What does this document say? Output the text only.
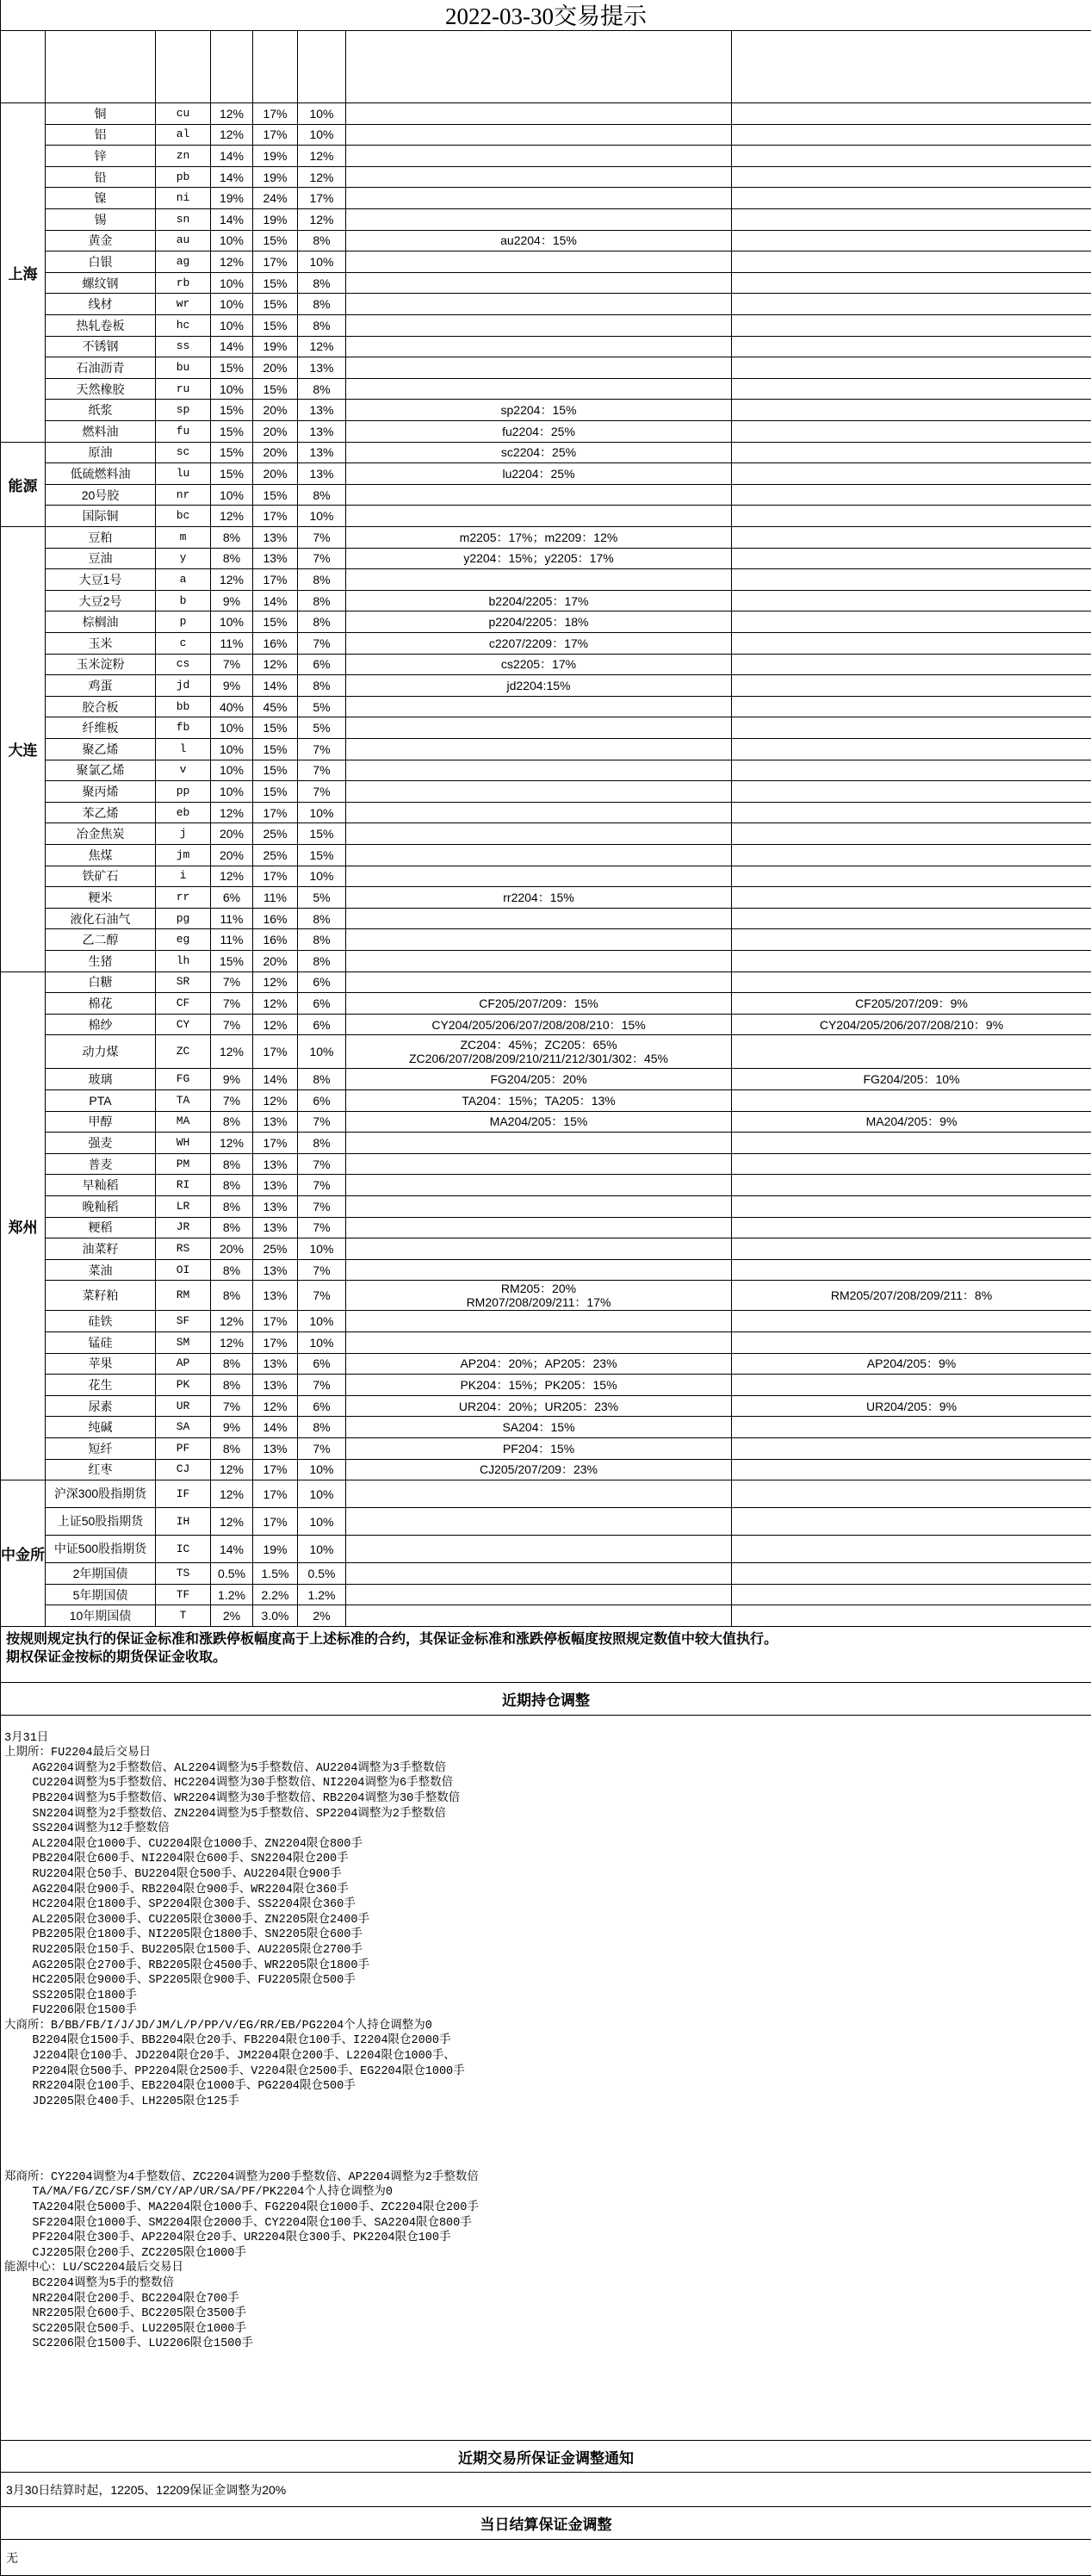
2022-03-30交易提示
铜	cu	12%	17%	10%
铝	al	12%	17%	10%
锌	zn	14%	19%	12%
铅	pb	14%	19%	12%
镍	ni	19%	24%	17%
锡	sn	14%	19%	12%
黄金	au	10%	15%	8%	au2204：15%
白银	ag	12%	17%	10%
螺纹钢	rb	10%	15%	8%
线材	wr	10%	15%	8%
热轧卷板	hc	10%	15%	8%
不锈钢	ss	14%	19%	12%
石油沥青	bu	15%	20%	13%
天然橡胶	ru	10%	15%	8%
纸浆	sp	15%	20%	13%	sp2204：15%
燃料油	fu	15%	20%	13%	fu2204：25%
上海
原油	sc	15%	20%	13%	sc2204：25%
低硫燃料油	lu	15%	20%	13%	lu2204：25%
20号胶	nr	10%	15%	8%
国际铜	bc	12%	17%	10%
能源
豆粕	m	8%	13%	7%	m2205：17%；m2209：12%
豆油	y	8%	13%	7%	y2204：15%；y2205：17%
大豆1号	a	12%	17%	8%
大豆2号	b	9%	14%	8%	b2204/2205：17%
棕榈油	p	10%	15%	8%	p2204/2205：18%
玉米	c	11%	16%	7%	c2207/2209：17%
玉米淀粉	cs	7%	12%	6%	cs2205：17%
鸡蛋	jd	9%	14%	8%	jd2204:15%
胶合板	bb	40%	45%	5%
纤维板	fb	10%	15%	5%
聚乙烯	l	10%	15%	7%
聚氯乙烯	v	10%	15%	7%
聚丙烯	pp	10%	15%	7%
苯乙烯	eb	12%	17%	10%
冶金焦炭	j	20%	25%	15%
焦煤	jm	20%	25%	15%
铁矿石	i	12%	17%	10%
粳米	rr	6%	11%	5%	rr2204：15%
液化石油气	pg	11%	16%	8%
乙二醇	eg	11%	16%	8%
生猪	lh	15%	20%	8%
大连
白糖	SR	7%	12%	6%
棉花	CF	7%	12%	6%	CF205/207/209：15%	CF205/207/209：9%
棉纱	CY	7%	12%	6%	CY204/205/206/207/208/208/210：15%	CY204/205/206/207/208/210：9%
动力煤	ZC	12%	17%	10%	ZC204：45%；ZC205：65%
ZC206/207/208/209/210/211/212/301/302：45%
玻璃	FG	9%	14%	8%	FG204/205：20%	FG204/205：10%
PTA	TA	7%	12%	6%	TA204：15%；TA205：13%
甲醇	MA	8%	13%	7%	MA204/205：15%	MA204/205：9%
强麦	WH	12%	17%	8%
普麦	PM	8%	13%	7%
早籼稻	RI	8%	13%	7%
晚籼稻	LR	8%	13%	7%
粳稻	JR	8%	13%	7%
油菜籽	RS	20%	25%	10%
菜油	OI	8%	13%	7%
菜籽粕	RM	8%	13%	7%	RM205：20%
RM207/208/209/211：17%	RM205/207/208/209/211：8%
硅铁	SF	12%	17%	10%
锰硅	SM	12%	17%	10%
苹果	AP	8%	13%	6%	AP204：20%；AP205：23%	AP204/205：9%
花生	PK	8%	13%	7%	PK204：15%；PK205：15%
尿素	UR	7%	12%	6%	UR204：20%；UR205：23%	UR204/205：9%
纯碱	SA	9%	14%	8%	SA204：15%
短纤	PF	8%	13%	7%	PF204：15%
红枣	CJ	12%	17%	10%	CJ205/207/209：23%
郑州
沪深300股指期货	IF	12%	17%	10%
上证50股指期货	IH	12%	17%	10%
中证500股指期货	IC	14%	19%	10%
2年期国债	TS	0.5%	1.5%	0.5%
5年期国债	TF	1.2%	2.2%	1.2%
10年期国债	T	2%	3.0%	2%
中金所
按规则规定执行的保证金标准和涨跌停板幅度高于上述标准的合约，其保证金标准和涨跌停板幅度按照规定数值中较大值执行。
期权保证金按标的期货保证金收取。
近期持仓调整
3月31日
上期所：FU2204最后交易日
AG2204调整为2手整数倍、AL2204调整为5手整数倍、AU2204调整为3手整数倍
CU2204调整为5手整数倍、HC2204调整为30手整数倍、NI2204调整为6手整数倍
PB2204调整为5手整数倍、WR2204调整为30手整数倍、RB2204调整为30手整数倍
SN2204调整为2手整数倍、ZN2204调整为5手整数倍、SP2204调整为2手整数倍
SS2204调整为12手整数倍
AL2204限仓1000手、CU2204限仓1000手、ZN2204限仓800手
PB2204限仓600手、NI2204限仓600手、SN2204限仓200手
RU2204限仓50手、BU2204限仓500手、AU2204限仓900手
AG2204限仓900手、RB2204限仓900手、WR2204限仓360手
HC2204限仓1800手、SP2204限仓300手、SS2204限仓360手
AL2205限仓3000手、CU2205限仓3000手、ZN2205限仓2400手
PB2205限仓1800手、NI2205限仓1800手、SN2205限仓600手
RU2205限仓150手、BU2205限仓1500手、AU2205限仓2700手
AG2205限仓2700手、RB2205限仓4500手、WR2205限仓1800手
HC2205限仓9000手、SP2205限仓900手、FU2205限仓500手
SS2205限仓1800手
FU2206限仓1500手
大商所：B/BB/FB/I/J/JD/JM/L/P/PP/V/EG/RR/EB/PG2204个人持仓调整为0
B2204限仓1500手、BB2204限仓20手、FB2204限仓100手、I2204限仓2000手
J2204限仓100手、JD2204限仓20手、JM2204限仓200手、L2204限仓1000手、
P2204限仓500手、PP2204限仓2500手、V2204限仓2500手、EG2204限仓1000手
RR2204限仓100手、EB2204限仓1000手、PG2204限仓500手
JD2205限仓400手、LH2205限仓125手
郑商所：CY2204调整为4手整数倍、ZC2204调整为200手整数倍、AP2204调整为2手整数倍
TA/MA/FG/ZC/SF/SM/CY/AP/UR/SA/PF/PK2204个人持仓调整为0
TA2204限仓5000手、MA2204限仓1000手、FG2204限仓1000手、ZC2204限仓200手
SF2204限仓1000手、SM2204限仓2000手、CY2204限仓100手、SA2204限仓800手
PF2204限仓300手、AP2204限仓20手、UR2204限仓300手、PK2204限仓100手
CJ2205限仓200手、ZC2205限仓1000手
能源中心：LU/SC2204最后交易日
BC2204调整为5手的整数倍
NR2204限仓200手、BC2204限仓700手
NR2205限仓600手、BC2205限仓3500手
SC2205限仓500手、LU2205限仓1000手
SC2206限仓1500手、LU2206限仓1500手
近期交易所保证金调整通知
3月30日结算时起，12205、12209保证金调整为20%
当日结算保证金调整
无
